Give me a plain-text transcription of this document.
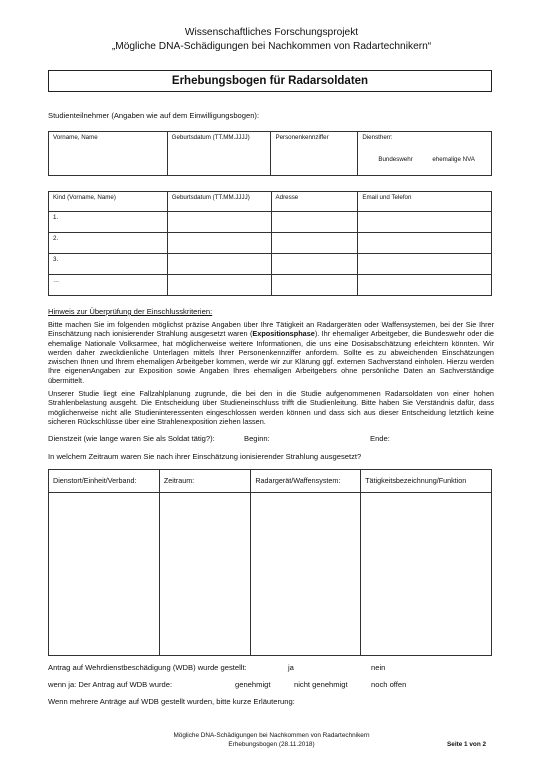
Wissenschaftliches Forschungsprojekt
„Mögliche DNA-Schädigungen bei Nachkommen von Radartechnikern“
Erhebungsbogen für Radarsoldaten
Studienteilnehmer (Angaben wie auf dem Einwilligungsbogen):
Vorname, Name	Geburtsdatum (TT.MM.JJJJ)	Personenkennziffer	Dienstherr:
Bundeswehr	ehemalige NVA
Kind (Vorname, Name)	Geburtsdatum (TT.MM.JJJJ)	Adresse	Email und Telefon
1.			
2.			
3.			
…			
Hinweis zur Überprüfung der Einschlusskriterien:
Bitte machen Sie im folgenden möglichst präzise Angaben über Ihre Tätigkeit an Radargeräten oder Waffensystemen, bei der Sie Ihrer Einschätzung nach ionisierender Strahlung ausgesetzt waren (Expositionsphase). Ihr ehemaliger Arbeitgeber, die Bundeswehr oder die ehemalige Nationale Volksarmee, hat möglicherweise weitere Informationen, die uns eine Dosisabschätzung erleichtern könnten. Wir werden daher zweckdienliche Unterlagen mittels Ihrer Personenkennziffer anfordern. Sollte es zu abweichenden Einschätzungen zwischen Ihnen und Ihrem ehemaligen Arbeitgeber kommen, werde wir zur Klärung ggf. externen Sachverstand einholen. Hierzu werden Ihre eigenenAngaben zur Exposition sowie Angaben Ihres ehemaligen Arbeitgebers ohne persönliche Daten an Sachverständige übermittelt.
Unserer Studie liegt eine Fallzahlplanung zugrunde, die bei den in die Studie aufgenommenen Radarsoldaten von einer hohen Strahlenbelastung ausgeht. Die Entscheidung über Studieneinschluss trifft die Studienleitung. Bitte haben Sie Verständnis dafür, dass möglicherweise nicht alle Studieninteressenten eingeschlossen werden können und dass sich aus dieser Entscheidung letztlich keine sicheren Rückschlüsse über eine Strahlenexposition ziehen lassen.
Dienstzeit (wie lange waren Sie als Soldat tätig?):	Beginn:	Ende:
In welchem Zeitraum waren Sie nach ihrer Einschätzung ionisierender Strahlung ausgesetzt?
Dienstort/Einheit/Verband:	Zeitraum:	Radargerät/Waffensystem:	Tätigkeitsbezeichnung/Funktion

Antrag auf Wehrdienstbeschädigung (WDB) wurde gestellt:	ja	nein
wenn ja: Der Antrag auf WDB wurde:	genehmigt	nicht genehmigt	noch offen
Wenn mehrere Anträge auf WDB gestellt wurden, bitte kurze Erläuterung:
Mögliche DNA-Schädigungen bei Nachkommen von Radartechnikern
Erhebungsbogen (28.11.2018)	Seite 1 von 2
